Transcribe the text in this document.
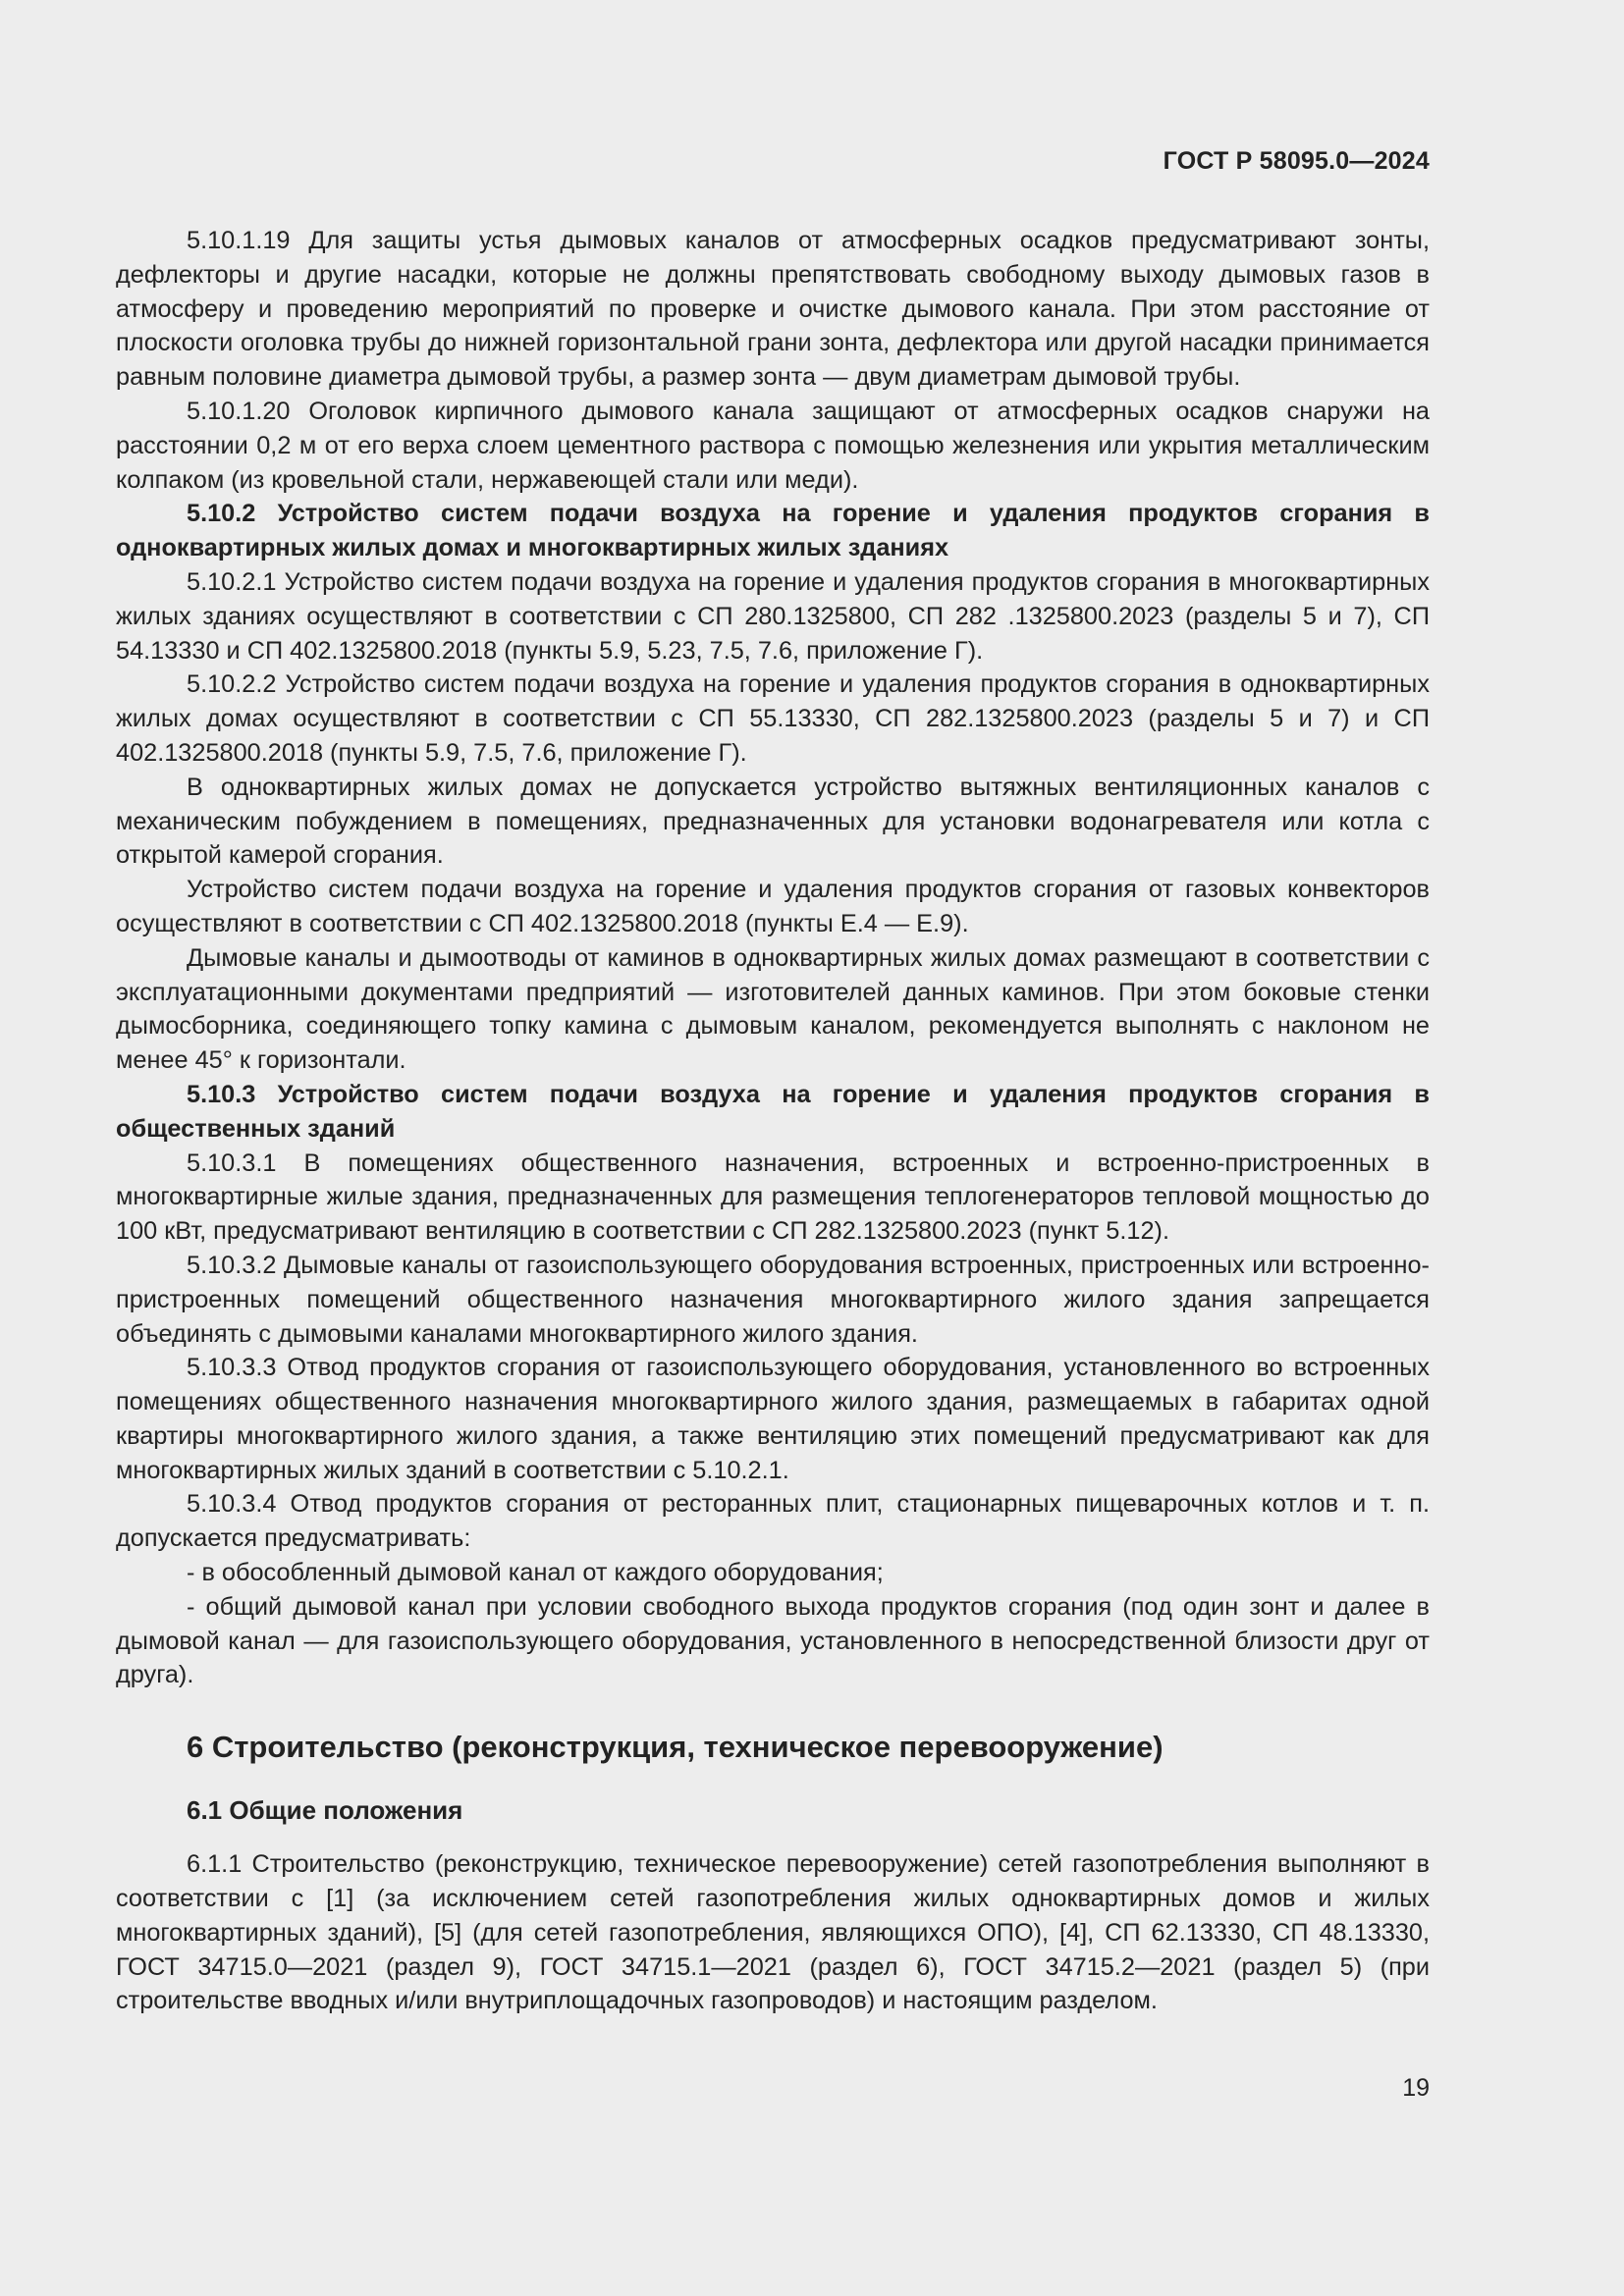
ГОСТ Р 58095.0—2024

5.10.1.19 Для защиты устья дымовых каналов от атмосферных осадков предусматривают зонты, дефлекторы и другие насадки, которые не должны препятствовать свободному выходу дымовых газов в атмосферу и проведению мероприятий по проверке и очистке дымового канала. При этом расстояние от плоскости оголовка трубы до нижней горизонтальной грани зонта, дефлектора или другой насадки принимается равным половине диаметра дымовой трубы, а размер зонта — двум диаметрам дымовой трубы.

5.10.1.20 Оголовок кирпичного дымового канала защищают от атмосферных осадков снаружи на расстоянии 0,2 м от его верха слоем цементного раствора с помощью железнения или укрытия металлическим колпаком (из кровельной стали, нержавеющей стали или меди).

5.10.2 Устройство систем подачи воздуха на горение и удаления продуктов сгорания в одноквартирных жилых домах и многоквартирных жилых зданиях

5.10.2.1 Устройство систем подачи воздуха на горение и удаления продуктов сгорания в многоквартирных жилых зданиях осуществляют в соответствии с СП 280.1325800, СП 282 .1325800.2023 (разделы 5 и 7), СП 54.13330 и СП 402.1325800.2018 (пункты 5.9, 5.23, 7.5, 7.6, приложение Г).

5.10.2.2 Устройство систем подачи воздуха на горение и удаления продуктов сгорания в одноквартирных жилых домах осуществляют в соответствии с СП 55.13330, СП 282.1325800.2023 (разделы 5 и 7) и СП 402.1325800.2018 (пункты 5.9, 7.5, 7.6, приложение Г).

В одноквартирных жилых домах не допускается устройство вытяжных вентиляционных каналов с механическим побуждением в помещениях, предназначенных для установки водонагревателя или котла с открытой камерой сгорания.

Устройство систем подачи воздуха на горение и удаления продуктов сгорания от газовых конвекторов осуществляют в соответствии с СП 402.1325800.2018 (пункты Е.4 — Е.9).

Дымовые каналы и дымоотводы от каминов в одноквартирных жилых домах размещают в соответствии с эксплуатационными документами предприятий — изготовителей данных каминов. При этом боковые стенки дымосборника, соединяющего топку камина с дымовым каналом, рекомендуется выполнять с наклоном не менее 45° к горизонтали.

5.10.3 Устройство систем подачи воздуха на горение и удаления продуктов сгорания в общественных зданий

5.10.3.1 В помещениях общественного назначения, встроенных и встроенно-пристроенных в многоквартирные жилые здания, предназначенных для размещения теплогенераторов тепловой мощностью до 100 кВт, предусматривают вентиляцию в соответствии с СП 282.1325800.2023 (пункт 5.12).

5.10.3.2 Дымовые каналы от газоиспользующего оборудования встроенных, пристроенных или встроенно-пристроенных помещений общественного назначения многоквартирного жилого здания запрещается объединять с дымовыми каналами многоквартирного жилого здания.

5.10.3.3 Отвод продуктов сгорания от газоиспользующего оборудования, установленного во встроенных помещениях общественного назначения многоквартирного жилого здания, размещаемых в габаритах одной квартиры многоквартирного жилого здания, а также вентиляцию этих помещений предусматривают как для многоквартирных жилых зданий в соответствии с 5.10.2.1.

5.10.3.4 Отвод продуктов сгорания от ресторанных плит, стационарных пищеварочных котлов и т. п. допускается предусматривать:

- в обособленный дымовой канал от каждого оборудования;

- общий дымовой канал при условии свободного выхода продуктов сгорания (под один зонт и далее в дымовой канал — для газоиспользующего оборудования, установленного в непосредственной близости друг от друга).

6 Строительство (реконструкция, техническое перевооружение)
6.1 Общие положения

6.1.1 Строительство (реконструкцию, техническое перевооружение) сетей газопотребления выполняют в соответствии с [1] (за исключением сетей газопотребления жилых одноквартирных домов и жилых многоквартирных зданий), [5] (для сетей газопотребления, являющихся ОПО), [4], СП 62.13330, СП 48.13330, ГОСТ 34715.0—2021 (раздел 9), ГОСТ 34715.1—2021 (раздел 6), ГОСТ 34715.2—2021 (раздел 5) (при строительстве вводных и/или внутриплощадочных газопроводов) и настоящим разделом.

19
